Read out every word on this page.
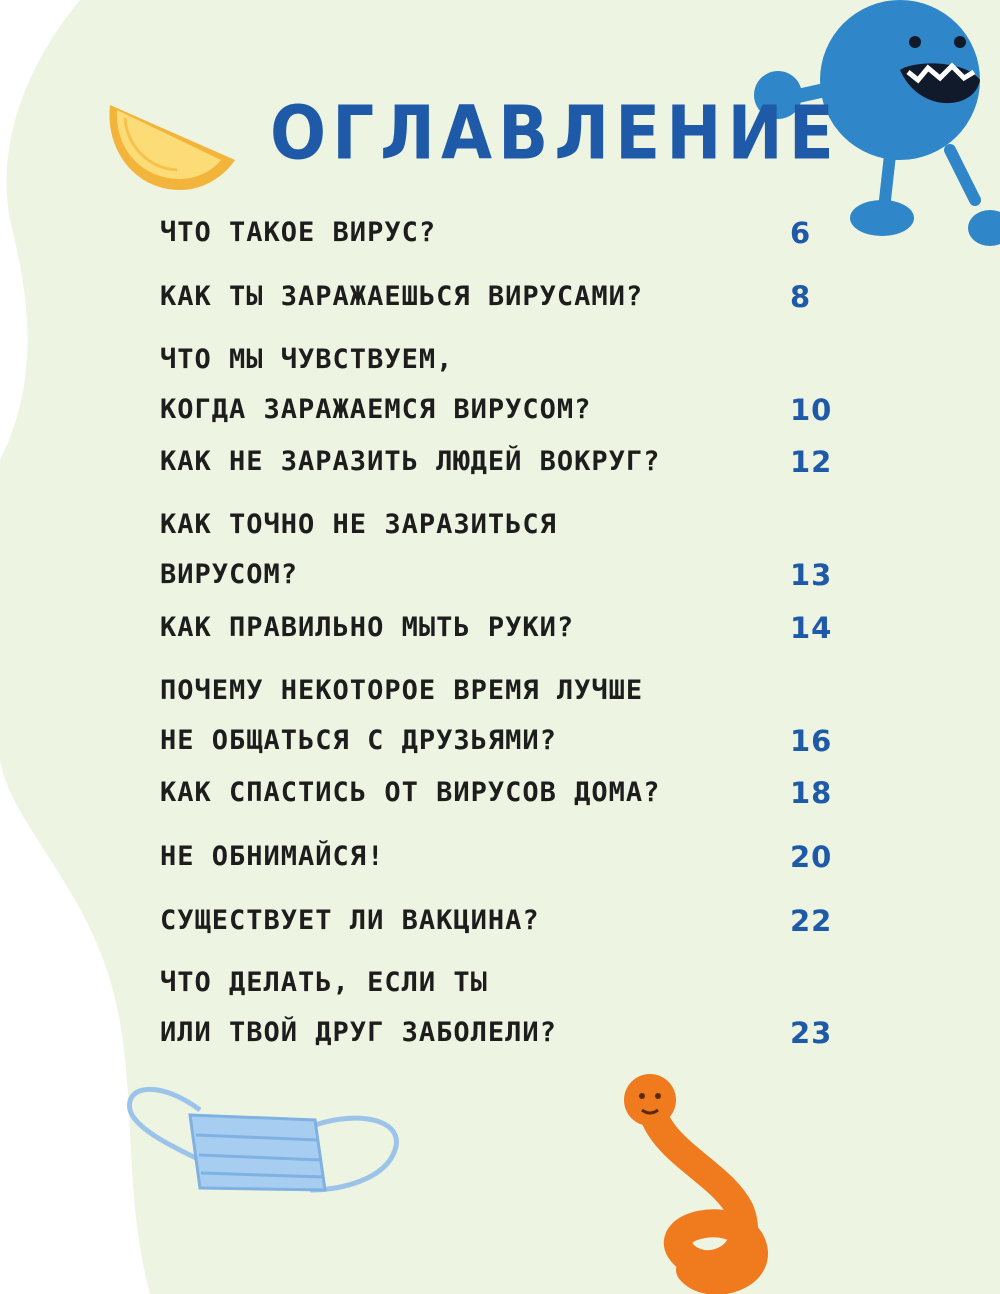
ОГЛАВЛЕНИЕ
ЧТО ТАКОЕ ВИРУС?	6
КАК ТЫ ЗАРАЖАЕШЬСЯ ВИРУСАМИ?	8
ЧТО МЫ ЧУВСТВУЕМ,
КОГДА ЗАРАЖАЕМСЯ ВИРУСОМ?	10
КАК НЕ ЗАРАЗИТЬ ЛЮДЕЙ ВОКРУГ?	12
КАК ТОЧНО НЕ ЗАРАЗИТЬСЯ
ВИРУСОМ?	13
КАК ПРАВИЛЬНО МЫТЬ РУКИ?	14
ПОЧЕМУ НЕКОТОРОЕ ВРЕМЯ ЛУЧШЕ
НЕ ОБЩАТЬСЯ С ДРУЗЬЯМИ?	16
КАК СПАСТИСЬ ОТ ВИРУСОВ ДОМА?	18
НЕ ОБНИМАЙСЯ!	20
СУЩЕСТВУЕТ ЛИ ВАКЦИНА?	22
ЧТО ДЕЛАТЬ, ЕСЛИ ТЫ
ИЛИ ТВОЙ ДРУГ ЗАБОЛЕЛИ?	23
